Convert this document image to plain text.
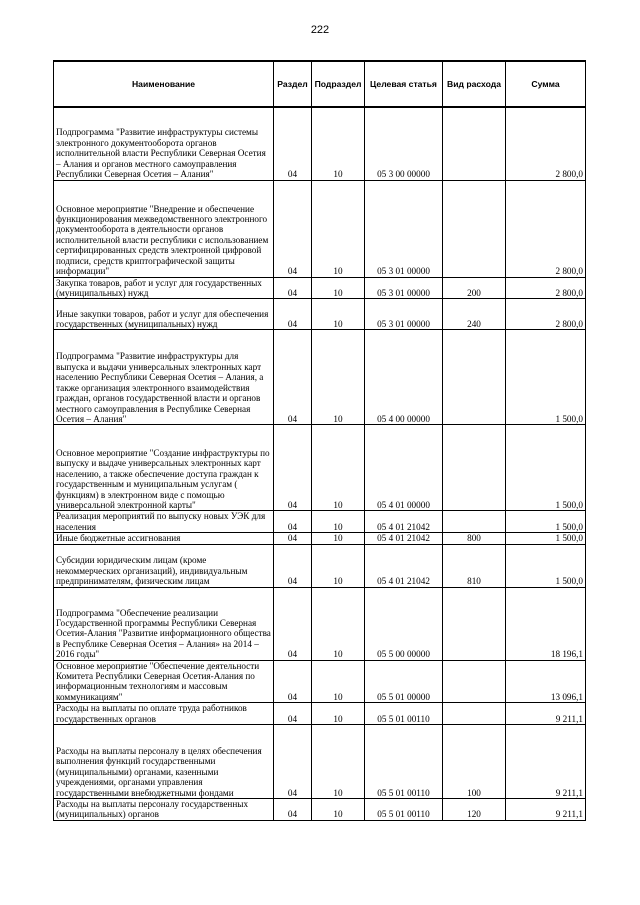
222
Наименование	Раздел	Подраздел	Целевая статья	Вид расхода	Сумма
Подпрограмма "Развитие инфраструктуры системы электронного документооборота органов исполнительной власти Республики Северная Осетия – Алания и органов местного самоуправления Республики Северная Осетия – Алания"	04	10	05 3 00 00000		2 800,0
Основное мероприятие "Внедрение и обеспечение функционирования межведомственного электронного документооборота в деятельности органов исполнительной власти республики с использованием сертифицированных средств электронной цифровой подписи, средств криптографической защиты информации"	04	10	05 3 01 00000		2 800,0
Закупка товаров, работ и услуг для государственных (муниципальных) нужд	04	10	05 3 01 00000	200	2 800,0
Иные закупки товаров, работ и услуг для обеспечения государственных (муниципальных) нужд	04	10	05 3 01 00000	240	2 800,0
Подпрограмма "Развитие инфраструктуры для выпуска и выдачи универсальных электронных карт населению Республики Северная Осетия – Алания, а также организация электронного взаимодействия граждан, органов государственной власти и органов местного самоуправления в Республике Северная Осетия – Алания"	04	10	05 4 00 00000		1 500,0
Основное мероприятие "Создание инфраструктуры по выпуску и выдаче универсальных электронных карт населению, а также обеспечение доступа граждан к государственным и муниципальным услугам ( функциям) в электронном виде с помощью универсальной электронной карты"	04	10	05 4 01 00000		1 500,0
Реализация мероприятий по выпуску новых УЭК для населения	04	10	05 4 01 21042		1 500,0
Иные бюджетные ассигнования	04	10	05 4 01 21042	800	1 500,0
Субсидии юридическим лицам (кроме некоммерческих организаций), индивидуальным предпринимателям, физическим лицам	04	10	05 4 01 21042	810	1 500,0
Подпрограмма "Обеспечение реализации Государственной программы Республики Северная Осетия-Алания "Развитие информационного общества в Республике Северная Осетия – Алания» на 2014 – 2016 годы"	04	10	05 5 00 00000		18 196,1
Основное мероприятие "Обеспечение деятельности Комитета Республики Северная Осетия-Алания по информационным технологиям и массовым коммуникациям"	04	10	05 5 01 00000		13 096,1
Расходы на выплаты по оплате труда работников государственных органов	04	10	05 5 01 00110		9 211,1
Расходы на выплаты персоналу в целях обеспечения выполнения функций государственными (муниципальными) органами, казенными учреждениями, органами управления государственными внебюджетными фондами	04	10	05 5 01 00110	100	9 211,1
Расходы на выплаты персоналу государственных (муниципальных) органов	04	10	05 5 01 00110	120	9 211,1
